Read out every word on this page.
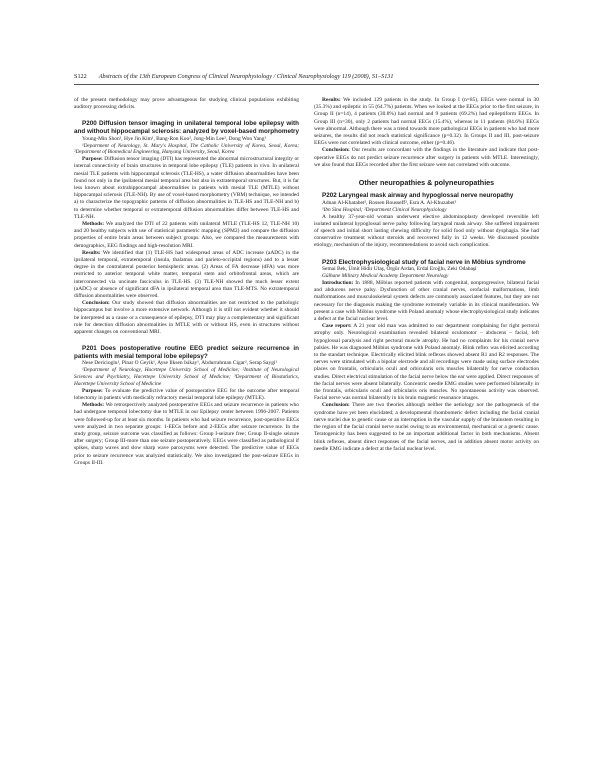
S122 Abstracts of the 13th European Congress of Clinical Neurophysiology / Clinical Neurophysiology 119 (2008), S1–S131

of the present methodology may prove advantageous for studying clinical populations exhibiting auditory processing deficits.

P200 Diffusion tensor imaging in unilateral temporal lobe epilepsy with and without hippocampal sclerosis: analyzed by voxel-based morphometry

Young-Min Shon¹, Hye Jin Kim¹, Bang-Ron Koo², Jong-Min Lee², Dong Won Yang¹

¹Department of Neurology, St. Mary's Hospital, The Catholic University of Korea, Seoul, Korea; ²Department of Biomedical Engineering, Hanyang University, Seoul, Korea

Purpose: Diffusion tensor imaging (DTI) has represented the abnormal microstructural integrity or internal connectivity of brain structures in temporal lobe epilepsy (TLE) patients in vivo. In unilateral mesial TLE patients with hippocampal sclerosis (TLE-HS), a water diffusion abnormalities have been found not only in the ipsilateral mesial temporal area but also in extratemporal structures. But, it is far less known about extrahippocampal abnormalities in patients with mesial TLE (MTLE) without hippocampal sclerosis (TLE-NH). By use of voxel-based morphometry (VBM) technique, we intended a) to characterize the topographic patterns of diffusion abnormalities in TLE-HS and TLE-NH and b) to determine whether temporal or extratemporal diffusion abnormalities differ between TLE-HS and TLE-NH.

Methods: We analyzed the DTI of 22 patients with unilateral MTLE (TLE-HS 12, TLE-NH 10) and 20 healthy subjects with use of statistical parametric mapping (SPM2) and compare the diffusion properties of entire brain areas between subject groups. Also, we compared the measurements with demographics, EEG findings and high-resolution MRI.

Results: We identified that (1) TLE-HS had widespread areas of ADC increase (aADC) in the ipsilateral temporal, extratemporal (insula, thalamus and parieto-occipital regions) and to a lesser degree in the contralateral posterior hemispheric areas. (2) Areas of FA decrease (dFA) was more restricted to anterior temporal white matter, temporal stem and orbitofrontal areas, which are interconnected via uncinate fasciculus in TLE-HS. (3) TLE-NH showed the much lesser extent (aADC) or absence of significant dFA in ipsilateral temporal area than TLE-MTS. No extratemporal diffusion abnormalities were observed.

Conclusion: Our study showed that diffusion abnormalities are not restricted to the pathologic hippocampus but involve a more extensive network. Although it is still not evident whether it should be interpreted as a cause or a consequence of epilepsy, DTI may play a complementary and significant role for detection diffusion abnormalities in MTLE with or without HS, even in structures without apparent changes on conventional MRI.

P201 Does postoperative routine EEG predict seizure recurrence in patients with mesial temporal lobe epilepsy?

Nese Dericioglu¹, Pinar O Geyik¹, Ayse Ilksen Isikay¹, Abdurrahman Cigar², Serap Saygi¹

¹Department of Neurology, Hacettepe University School of Medicine; ²Institute of Neurological Sciences and Psychiatry, Hacettepe University School of Medicine; ³Department of Biostatistics, Hacettepe University School of Medicine

Purpose: To evaluate the predictive value of postoperative EEG for the outcome after temporal lobectomy in patients with medically refractory mesial temporal lobe epilepsy (MTLE).

Methods: We retrospectively analyzed postoperative EEGs and seizure recurrence in patients who had undergone temporal lobectomy due to MTLE in our Epilepsy center between 1996-2007. Patients were followed-up for at least six months. In patients who had seizure recurrence, post-operative EEGs were analyzed in two separate groups: 1-EEGs before and 2-EEGs after seizure recurrence. In the study group, seizure outcome was classified as follows: Group I-seizure free; Group II-single seizure after surgery; Group III-more than one seizure postoperatively. EEGs were classified as pathological if spikes, sharp waves and slow sharp wave paroxysms were detected. The predictive value of EEGs prior to seizure recurrence was analyzed statistically. We also investigated the post-seizure EEGs in Groups II-III.

Results: We included 129 patients in the study. In Group I (n=85), EEGs were normal in 30 (35.3%) and epileptic in 55 (64.7%) patients. When we looked at the EEGs prior to the first seizure, in Group II (n=14), 4 patients (30.8%) had normal and 9 patients (69.2%) had epileptiform EEGs. In Group III (n=30), only 2 patients had normal EEGs (15.4%), whereas in 11 patients (84.6%) EEGs were abnormal. Although there was a trend towards more pathological EEGs in patients who had more seizures, the results did not reach statistical significance (p=0.32). In Groups II and III, post-seizure EEGs were not correlated with clinical outcome, either (p=0.46).

Conclusion: Our results are concordant with the findings in the literature and indicate that post-operative EEGs do not predict seizure recurrence after surgery in patients with MTLE. Interestingly, we also found that EEGs recorded after the first seizure were not correlated with outcome.

Other neuropathies & polyneuropathies

P202 Laryngeal mask airway and hypoglossal nerve neuropathy

Adnan Al-Khatabet², Rossen Rousseff², Esra A. Al-Khuzabet²

¹Ibn Sina Hospital; ²Department Clinical Neurophysiology

A healthy 37-year-old woman underwent elective abdominoplasty developed reversible left isolated unilateral hypoglossal nerve palsy following laryngeal mask airway. She suffered impairment of speech and initial short lasting chewing difficulty for solid food only without dysphagia. She had conservative treatment without steroids and recovered fully in 12 weeks. We discussed possible etiology, mechanism of the injury, recommendations to avoid such complication.

P203 Electrophysiological study of facial nerve in Möbius syndrome

Semai Bek, Ümit Hidir Ulaş, Örgür Ardan, Erdal Eroğlu, Zeki Odabaşi

Gülhane Military Medical Academy Department Neurology

Introduction: In 1888, Möbius reported patients with congenital, nonprogressive, bilateral facial and abducens nerve palsy. Dysfunction of other cranial nerves, orofacial malformations, limb malformations and musculoskeletal system defects are commonly associated features, but they are not necessary for the diagnosis making the syndrome extremely variable in its clinical manifestation. We present a case with Möbius syndrome with Poland anomaly whose electrophysiological study indicates a defect at the facial nuclear level.

Case report: A 21 year old man was admitted to our department complaining for right pectoral atrophy only. Neurological examination revealed bilateral oculomotor – abducens – facial, left hypoglossal paralysis and right pectoral muscle atrophy. He had no complaints for his cranial nerve palsies. He was diagnosed Möbius syndrome with Poland anomaly. Blink reflex was elicited according to the standart technique. Electrically elicited blink reflexes showed absent R1 and R2 responses. The nerves were stimulated with a bipolar electrode and all recordings were made using surface electrodes places on frontalis, orbicularis oculi and orbicularis oris muscles bilaterally for nerve conduction studies. Direct electrical stimulation of the facial nerve below the ear were applied. Direct responses of the facial nerves were absent bilaterally. Concentric needle EMG studies were performed bilaterally in the frontalis, orbicularis oculi and orbicularis oris muscles. No spontaneous activity was observed. Facial nerve was normal bilaterally in his brain magnetic resonance images.

Conclusion: There are two theories although neither the aetiology nor the pathogenesis of the syndrome have yet been elucidated; a developmental rhombomeric defect including the facial cranial nerve nuclei due to genetic cause or an interruption in the vascular supply of the brainstem resulting in the region of the facial cranial nerve nuclei owing to an environmental, mechanical or a genetic cause. Teratogenicity has been suggested to be an important additional factor in both mechanisms. Absent blink reflexes, absent direct responses of the facial nerves, and in addition absent motor activity on needle EMG indicate a defect at the facial nuclear level.
